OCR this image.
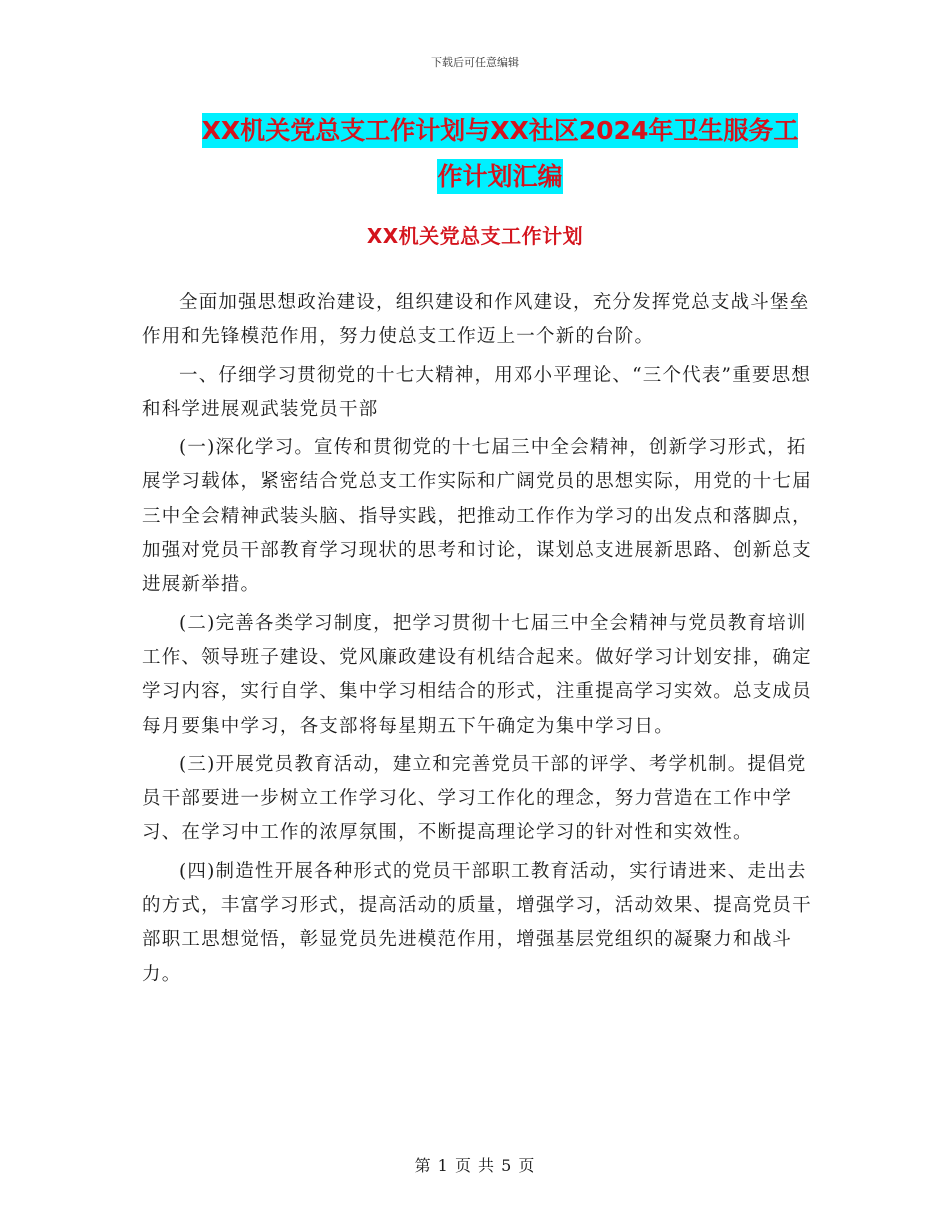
下载后可任意编辑
XX机关党总支工作计划与XX社区2024年卫生服务工
作计划汇编
XX机关党总支工作计划

全面加强思想政治建设，组织建设和作风建设，充分发挥党总支战斗堡垒作用和先锋模范作用，努力使总支工作迈上一个新的台阶。

一、仔细学习贯彻党的十七大精神，用邓小平理论、“三个代表”重要思想和科学进展观武装党员干部

(一)深化学习。宣传和贯彻党的十七届三中全会精神，创新学习形式，拓展学习载体，紧密结合党总支工作实际和广阔党员的思想实际，用党的十七届三中全会精神武装头脑、指导实践，把推动工作作为学习的出发点和落脚点，加强对党员干部教育学习现状的思考和讨论，谋划总支进展新思路、创新总支进展新举措。

(二)完善各类学习制度，把学习贯彻十七届三中全会精神与党员教育培训工作、领导班子建设、党风廉政建设有机结合起来。做好学习计划安排，确定学习内容，实行自学、集中学习相结合的形式，注重提高学习实效。总支成员每月要集中学习，各支部将每星期五下午确定为集中学习日。

(三)开展党员教育活动，建立和完善党员干部的评学、考学机制。提倡党员干部要进一步树立工作学习化、学习工作化的理念，努力营造在工作中学习、在学习中工作的浓厚氛围，不断提高理论学习的针对性和实效性。

(四)制造性开展各种形式的党员干部职工教育活动，实行请进来、走出去的方式，丰富学习形式，提高活动的质量，增强学习，活动效果、提高党员干部职工思想觉悟，彰显党员先进模范作用，增强基层党组织的凝聚力和战斗力。

第 1 页 共 5 页
